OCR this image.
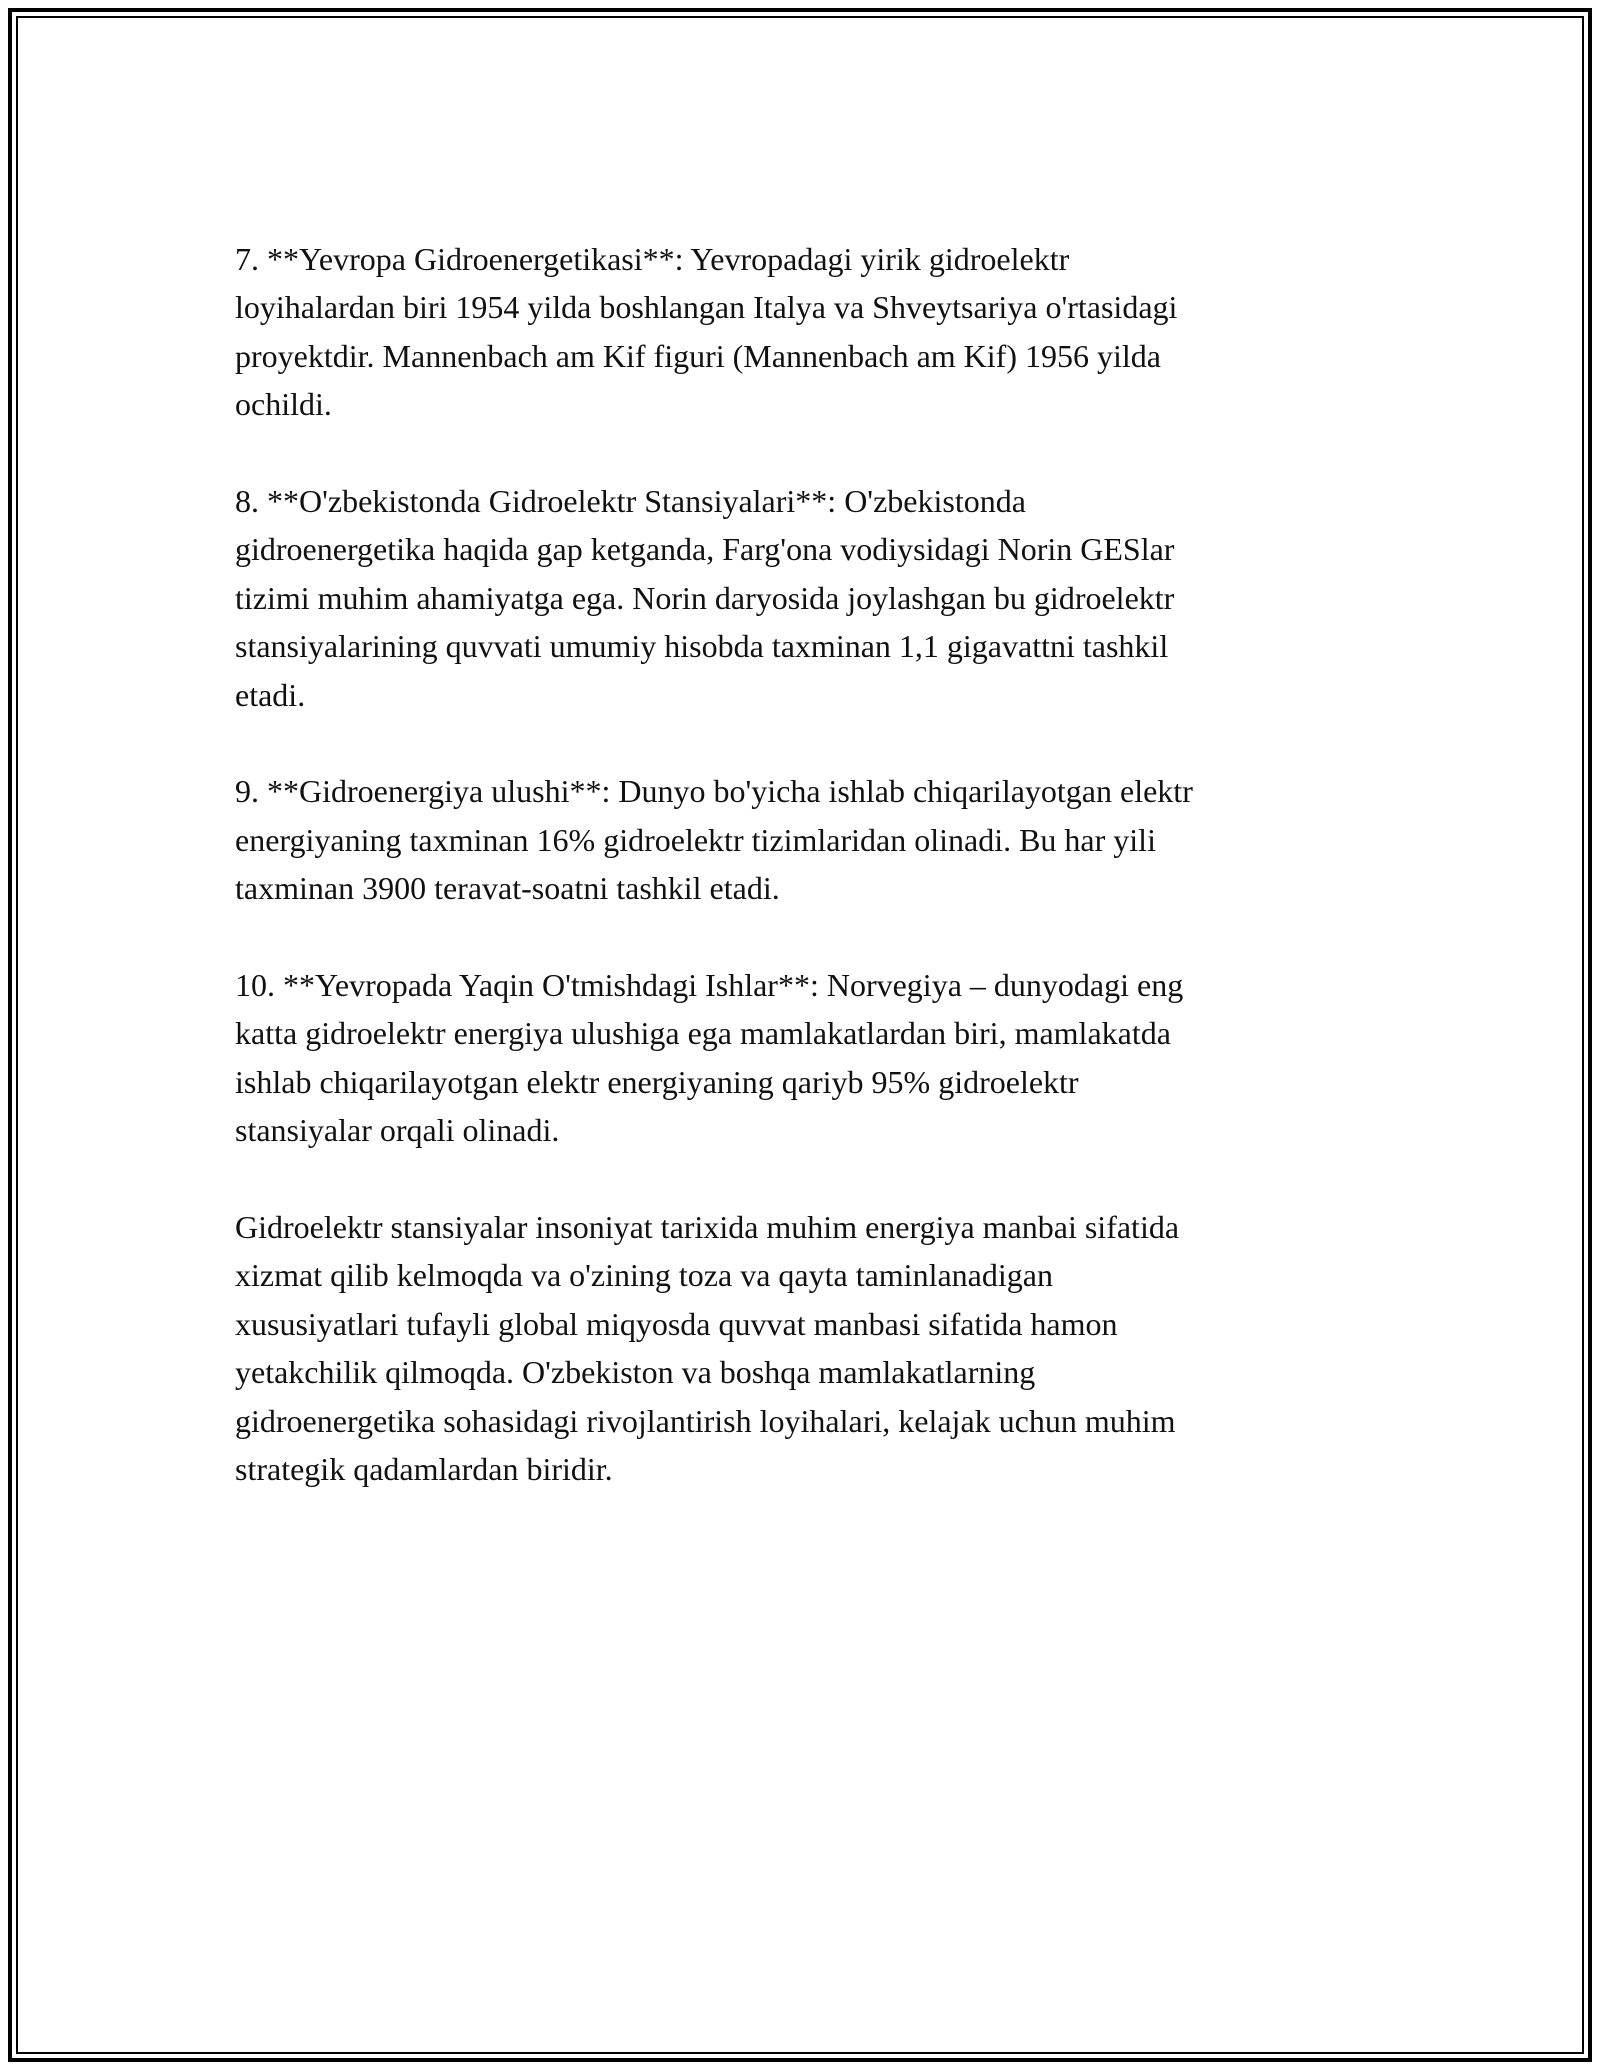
7. **Yevropa Gidroenergetikasi**: Yevropadagi yirik gidroelektr
loyihalardan biri 1954 yilda boshlangan Italya va Shveytsariya o'rtasidagi
proyektdir. Mannenbach am Kif figuri (Mannenbach am Kif) 1956 yilda
ochildi.

8. **O'zbekistonda Gidroelektr Stansiyalari**: O'zbekistonda
gidroenergetika haqida gap ketganda, Farg'ona vodiysidagi Norin GESlar
tizimi muhim ahamiyatga ega. Norin daryosida joylashgan bu gidroelektr
stansiyalarining quvvati umumiy hisobda taxminan 1,1 gigavattni tashkil
etadi.

9. **Gidroenergiya ulushi**: Dunyo bo'yicha ishlab chiqarilayotgan elektr
energiyaning taxminan 16% gidroelektr tizimlaridan olinadi. Bu har yili
taxminan 3900 teravat-soatni tashkil etadi.

10. **Yevropada Yaqin O'tmishdagi Ishlar**: Norvegiya – dunyodagi eng
katta gidroelektr energiya ulushiga ega mamlakatlardan biri, mamlakatda
ishlab chiqarilayotgan elektr energiyaning qariyb 95% gidroelektr
stansiyalar orqali olinadi.

Gidroelektr stansiyalar insoniyat tarixida muhim energiya manbai sifatida
xizmat qilib kelmoqda va o'zining toza va qayta taminlanadigan
xususiyatlari tufayli global miqyosda quvvat manbasi sifatida hamon
yetakchilik qilmoqda. O'zbekiston va boshqa mamlakatlarning
gidroenergetika sohasidagi rivojlantirish loyihalari, kelajak uchun muhim
strategik qadamlardan biridir.
